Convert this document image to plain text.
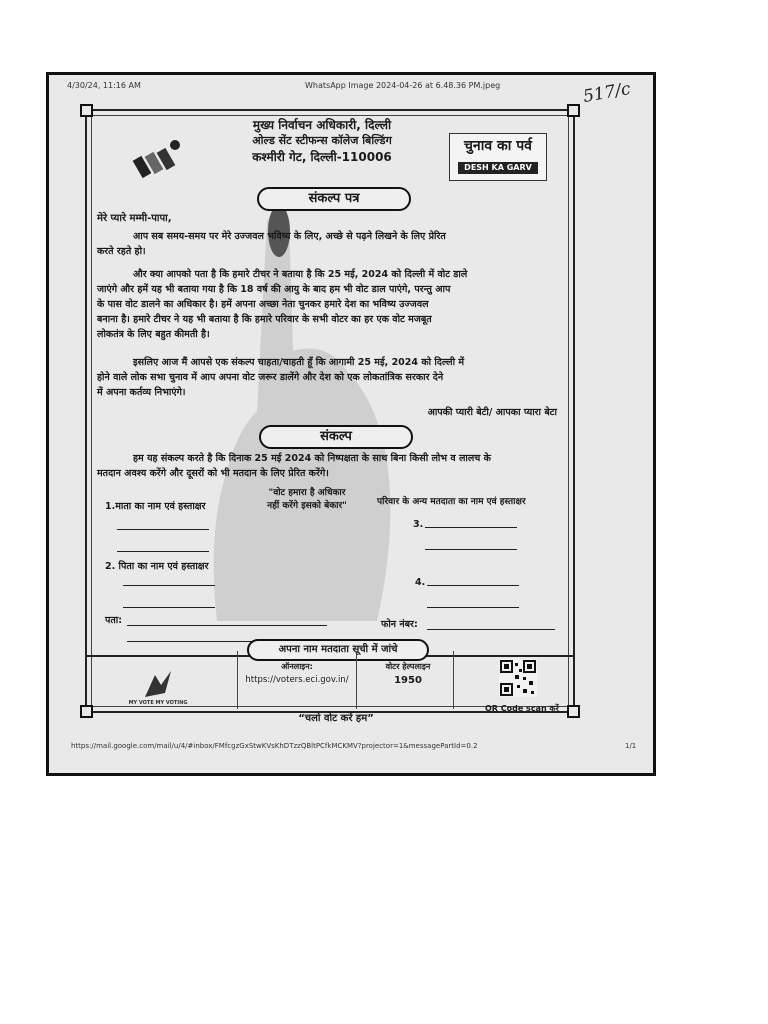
4/30/24, 11:16 AM	WhatsApp Image 2024-04-26 at 6.48.36 PM.jpeg	517/c
मुख्य निर्वाचन अधिकारी, दिल्ली
ओल्ड सेंट स्टीफन्स कॉलेज बिल्डिंग
कश्मीरी गेट, दिल्ली-110006
चुनाव का पर्व
DESH KA GARV
संकल्प पत्र
मेरे प्यारे मम्मी-पापा,
आप सब समय-समय पर मेरे उज्जवल भविष्य के लिए, अच्छे से पढ़ने लिखने के लिए प्रेरित
करते रहते हो।
और क्या आपको पता है कि हमारे टीचर ने बताया है कि 25 मई, 2024 को दिल्ली में वोट डाले
जाएंगे और हमें यह भी बताया गया है कि 18 वर्ष की आयु के बाद हम भी वोट डाल पाएंगे, परन्तु आप
के पास वोट डालने का अधिकार है। हमें अपना अच्छा नेता चुनकर हमारे देश का भविष्य उज्जवल
बनाना है। हमारे टीचर ने यह भी बताया है कि हमारे परिवार के सभी वोटर का हर एक वोट मजबूत
लोकतंत्र के लिए बहुत कीमती है।
इसलिए आज मैं आपसे एक संकल्प चाहता/चाहती हूँ कि आगामी 25 मई, 2024 को दिल्ली में
होने वाले लोक सभा चुनाव में आप अपना वोट जरूर डालेंगे और देश को एक लोकतांत्रिक सरकार देने
में अपना कर्तव्य निभाएंगे।
आपकी प्यारी बेटी/ आपका प्यारा बेटा
संकल्प
हम यह संकल्प करते है कि दिनाक 25 मई 2024 को निष्पक्षता के साथ बिना किसी लोभ व लालच के
मतदान अवश्य करेंगे और दूसरों को भी मतदान के लिए प्रेरित करेंगे।
"वोट हमारा है अधिकार
नहीं करेंगे इसको बेकार"
1.माता का नाम एवं हस्ताक्षर	परिवार के अन्य मतदाता का नाम एवं हस्ताक्षर
3.
2. पिता का नाम एवं हस्ताक्षर
4.
पता:	फोन नंबर:
अपना नाम मतदाता सूची में जांचे
MY VOTE MY VOTING
ऑनलाइन:
https://voters.eci.gov.in/
वोटर हेल्पलाइन
1950
QR Code scan करें
“चलो वोट करें हम”
https://mail.google.com/mail/u/4/#inbox/FMfcgzGxStwKVsKhDTzzQBltPCfkMCKMV?projector=1&messagePartId=0.2	1/1
